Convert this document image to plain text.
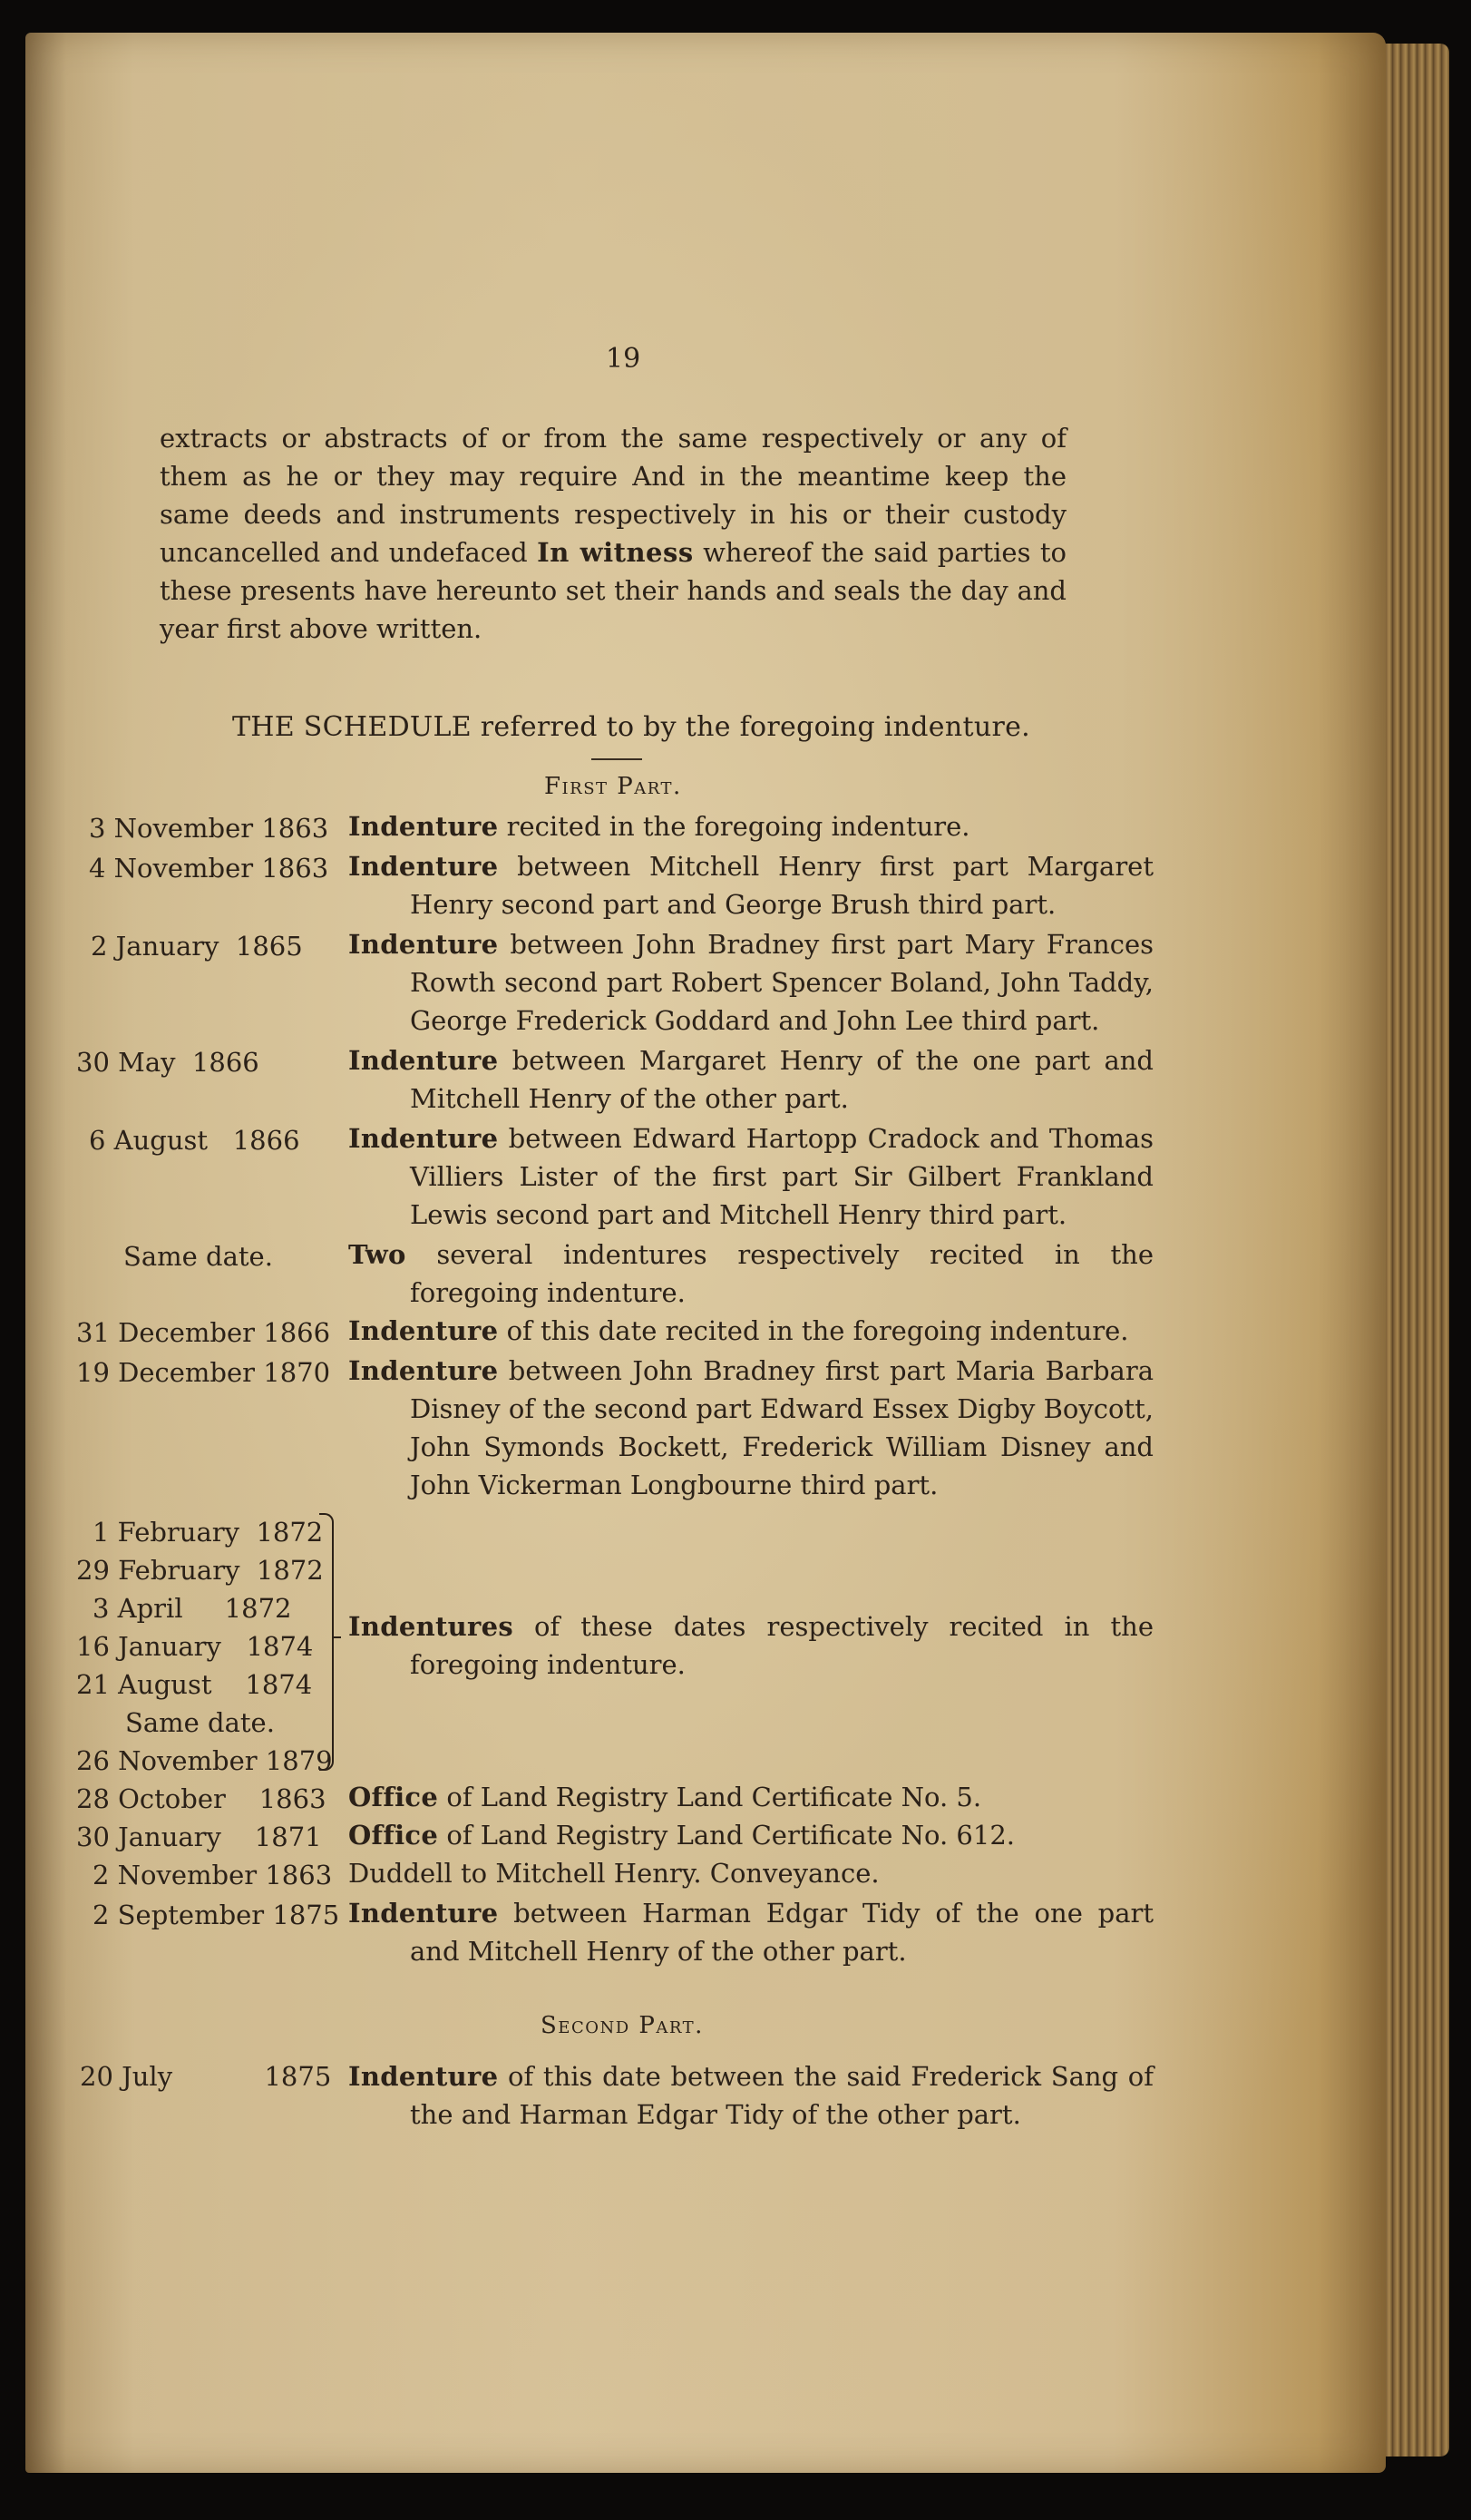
19
extracts or abstracts of or from the same respectively or any of them as he or they may require And in the meantime keep the same deeds and instruments respectively in his or their custody uncancelled and undefaced In witness whereof the said parties to these presents have hereunto set their hands and seals the day and year first above written.
THE SCHEDULE referred to by the foregoing indenture.
First Part.
3 November 1863 Indenture recited in the foregoing indenture.
4 November 1863 Indenture between Mitchell Henry first part Margaret Henry second part and George Brush third part.
2 January  1865 Indenture between John Bradney first part Mary Frances Rowth second part Robert Spencer Boland, John Taddy, George Frederick Goddard and John Lee third part.
30 May  1866	Indenture between Margaret Henry of the one part and Mitchell Henry of the other part.
6 August   1866 Indenture between Edward Hartopp Cradock and Thomas Villiers Lister of the first part Sir Gilbert Frankland Lewis second part and Mitchell Henry third part.
Same date.	Two several indentures respectively recited in the foregoing indenture.
31 December 1866 Indenture of this date recited in the foregoing indenture.
19 December 1870 Indenture between John Bradney first part Maria Barbara Disney of the second part Edward Essex Digby Boycott, John Symonds Bockett, Frederick William Disney and John Vickerman Longbourne third part.
1 February  1872
29 February  1872
3 April     1872
16 January   1874
21 August    1874
Same date.
26 November 1879
Indentures of these dates respectively recited in the foregoing indenture.
28 October    1863 Office of Land Registry Land Certificate No. 5.
30 January    1871 Office of Land Registry Land Certificate No. 612.
2 November 1863 Duddell to Mitchell Henry. Conveyance.
2 September 1875 Indenture between Harman Edgar Tidy of the one part and Mitchell Henry of the other part.
Second Part.
20 July           1875 Indenture of this date between the said Frederick Sang of the and Harman Edgar Tidy of the other part.
